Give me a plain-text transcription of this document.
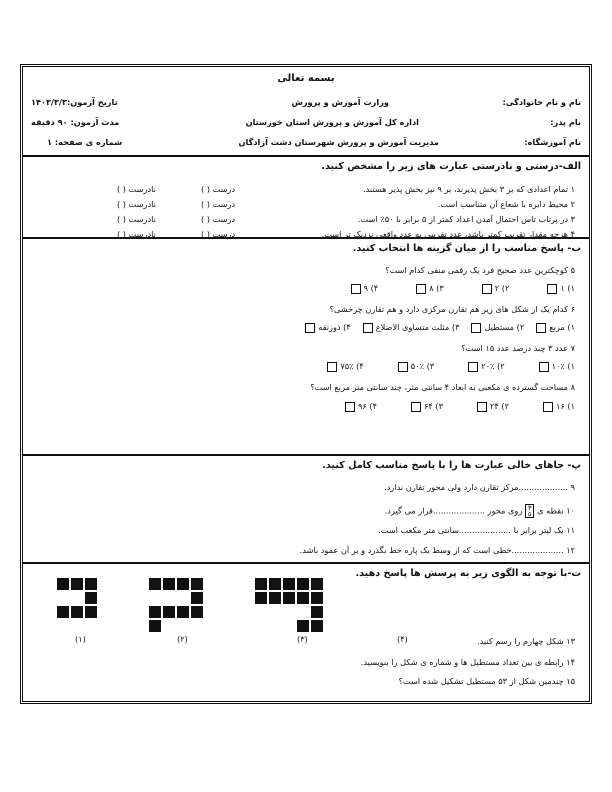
بسمه تعالی
نام و نام خانوادگی:
وزارت آموزش و پرورش
تاریخ آزمون:۱۴۰۳/۳/۳
نام پدر:
اداره کل آموزش و پرورش استان خوزستان
مدت آزمون: ۹۰ دقیقه
نام آموزشگاه:
مدیریت آموزش و پرورش شهرستان دشت آزادگان
شماره ی صفحه: ۱
الف-درستی و نادرستی عبارت های زیر را مشخص کنید.
۱ تمام اعدادی که بر ۳ بخش پذیرند، بر ۹ نیز بخش پذیر هستند.
درست ( )
نادرست ( )
۲ محیط دایره با شعاع آن متناسب است.
درست ( )
نادرست ( )
۳ در پرتاب تاس احتمال آمدن اعداد کمتر از ۵ برابر با ۵۰٪ است.
درست ( )
نادرست ( )
۴ هرچه مقدار تقریب کمتر باشد، عدد تقریبی به عدد واقعی نزدیک تر است.
درست ( )
نادرست ( )
ب- پاسخ مناسب را از میان گزینه ها انتخاب کنید.
۵ کوچکترین عدد صحیح فرد یک رقمی منفی کدام است؟
۱) ۱
۲) ۲
۳) ۸
۴) ۹
۶ کدام یک از شکل های زیر هم تقارن مرکزی دارد و هم تقارن چرخشی؟
۱) مربع
۲) مستطیل
۳) مثلث متساوی الاضلاع
۴) ذوزنقه
۷ عدد ۳ چند درصد عدد ۱۵ است؟
۱) ۱۰٪
۲) ۲۰٪
۳) ۵۰٪
۴) ۷۵٪
۸ مساحت گسترده ی مکعبی به ابعاد ۴ سانتی متر، چند سانتی متر مربع است؟
۱) ۱۶
۲) ۲۴
۳) ۶۴
۴) ۹۶
پ- جاهای خالی عبارت ها را با پاسخ مناسب کامل کنید.
۹ ...................مرکز تقارن دارد ولی محور تقارن ندارد.
۱۰ نقطه ی ۳
۵ روی محور ....................قرار می گیرد.
۱۱ یک لیتر برابر با ....................سانتی متر مکعب است.
۱۲ ....................خطی است که از وسط یک پاره خط بگذرد و بر آن عمود باشد.
ت-با توجه به الگوی زیر به پرسش ها پاسخ دهید.
(۱)	(۲)	(۳)	(۴)	۱۳ شکل چهارم را رسم کنید.
۱۴ رابطه ی بین تعداد مستطیل ها و شماره ی شکل را بنویسید.
۱۵ چندمین شکل از ۵۳ مستطیل تشکیل شده است؟
